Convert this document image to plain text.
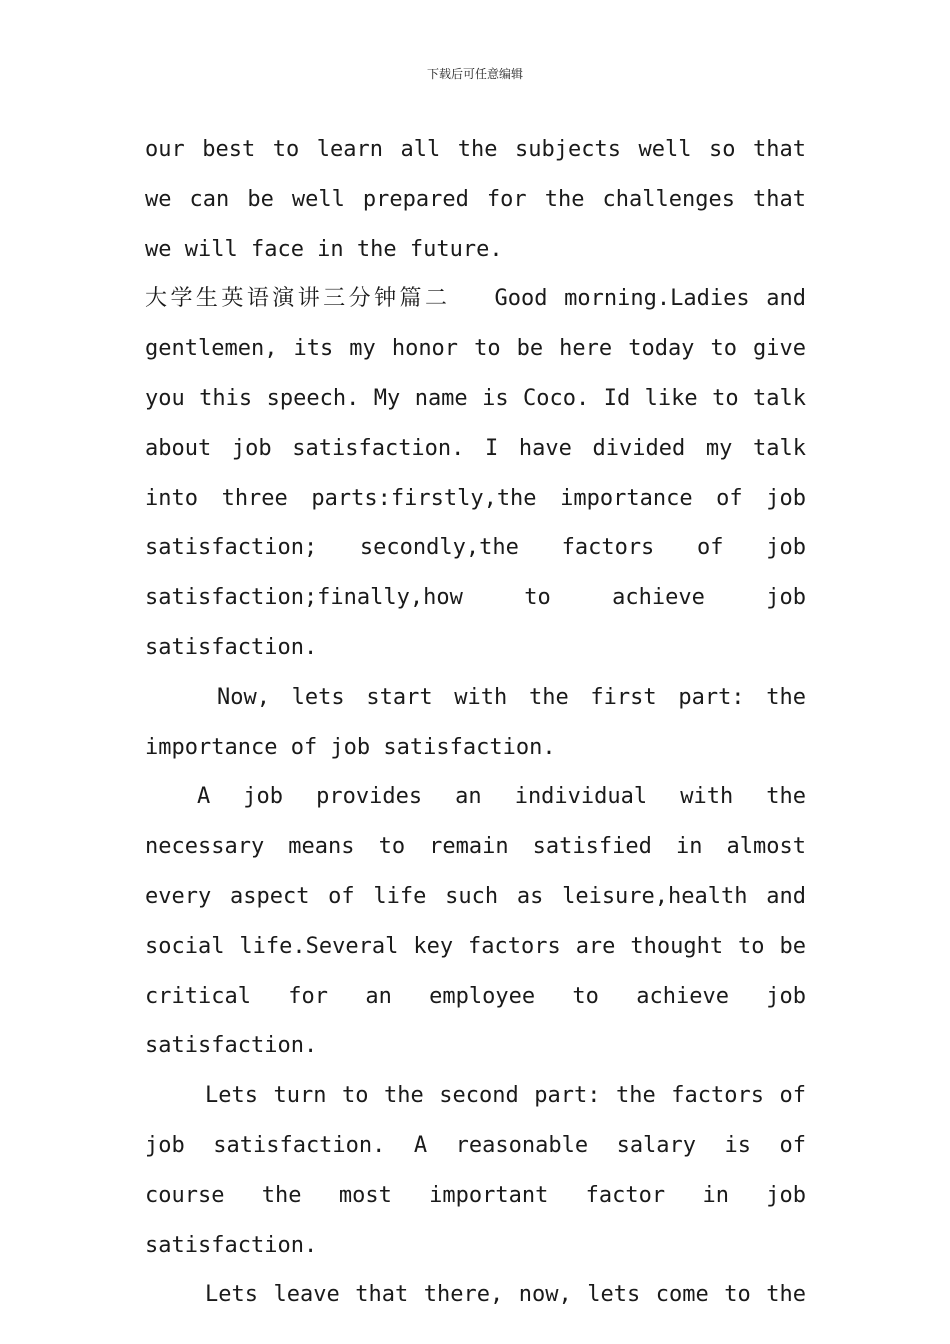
下载后可任意编辑

our best to learn all the subjects well so that we can be well prepared for the challenges that we will face in the future.

大学生英语演讲三分钟篇二 Good morning.Ladies and gentlemen, its my honor to be here today to give you this speech. My name is Coco. Id like to talk about job satisfaction. I have divided my talk into three parts:firstly,the importance of job satisfaction; secondly,the factors of job satisfaction;finally,how to achieve job satisfaction.

Now, lets start with the first part: the importance of job satisfaction.

A job provides an individual with the necessary means to remain satisfied in almost every aspect of life such as leisure,health and social life.Several key factors are thought to be critical for an employee to achieve job satisfaction.

Lets turn to the second part: the factors of job satisfaction. A reasonable salary is of course the most important factor in job satisfaction.

Lets leave that there, now, lets come to the
